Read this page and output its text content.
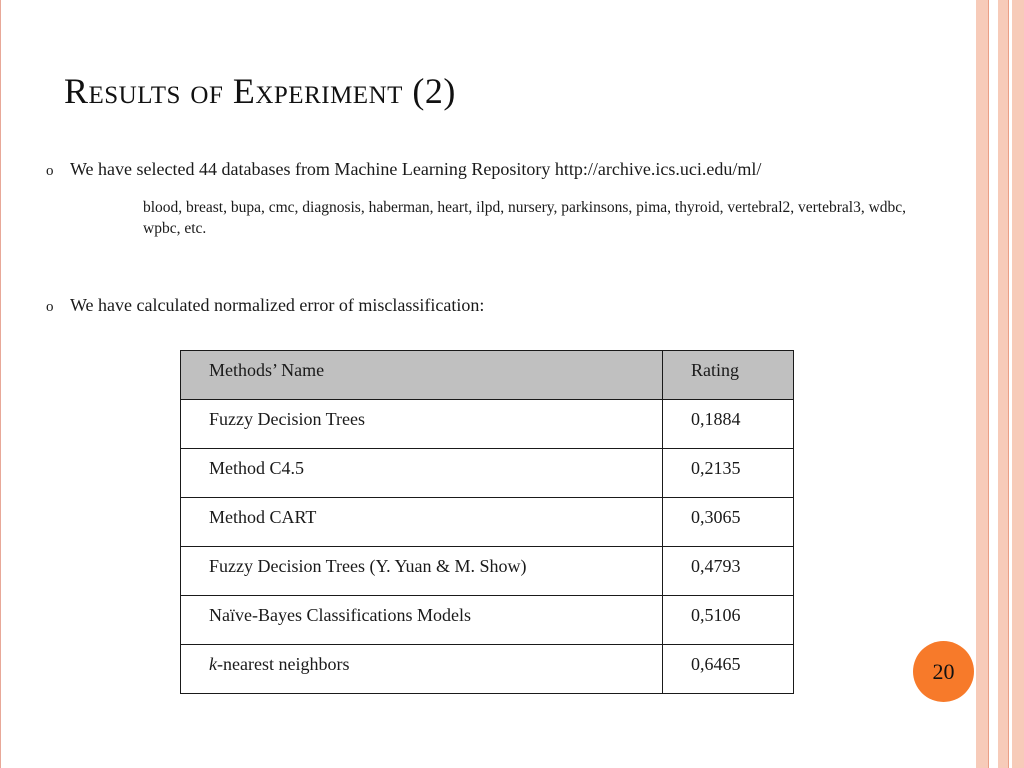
Results of Experiment (2)
o We have selected 44 databases from Machine Learning Repository http://archive.ics.uci.edu/ml/
blood, breast, bupa, cmc, diagnosis, haberman, heart, ilpd, nursery, parkinsons, pima, thyroid, vertebral2, vertebral3, wdbc, wpbc, etc.
o We have calculated normalized error of misclassification:
Methods’ Name	Rating
Fuzzy Decision Trees	0,1884
Method C4.5	0,2135
Method CART	0,3065
Fuzzy Decision Trees (Y. Yuan & M. Show)	0,4793
Naïve-Bayes Classifications Models	0,5106
k-nearest neighbors	0,6465	20
